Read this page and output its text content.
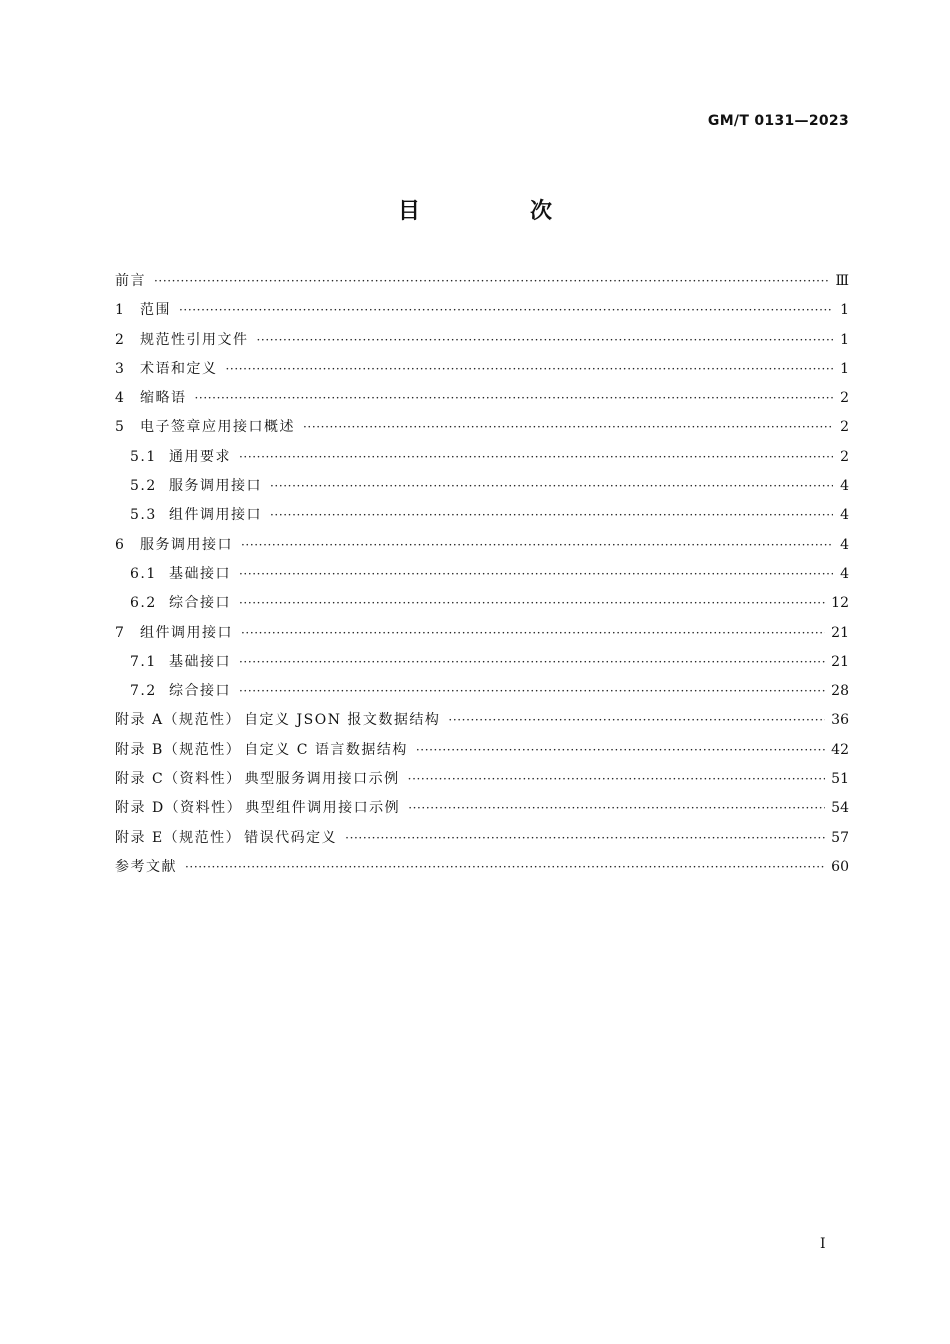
GM/T 0131—2023
目　次
前言 ·····	Ⅲ
1	范围 ·····	1
2	规范性引用文件 ·····	1
3	术语和定义 ·····	1
4	缩略语 ·····	2
5	电子签章应用接口概述 ·····	2
5.1 通用要求 ·····	2
5.2 服务调用接口 ·····	4
5.3 组件调用接口 ·····	4
6	服务调用接口 ·····	4
6.1 基础接口 ·····	4
6.2 综合接口 ·····	12
7	组件调用接口 ·····	21
7.1 基础接口 ·····	21
7.2 综合接口 ·····	28
附录 A（规范性） 自定义 JSON 报文数据结构 ·····	36
附录 B（规范性） 自定义 C 语言数据结构 ·····	42
附录 C（资料性） 典型服务调用接口示例 ·····	51
附录 D（资料性） 典型组件调用接口示例 ·····	54
附录 E（规范性） 错误代码定义 ·····	57
参考文献 ·····	60
I
